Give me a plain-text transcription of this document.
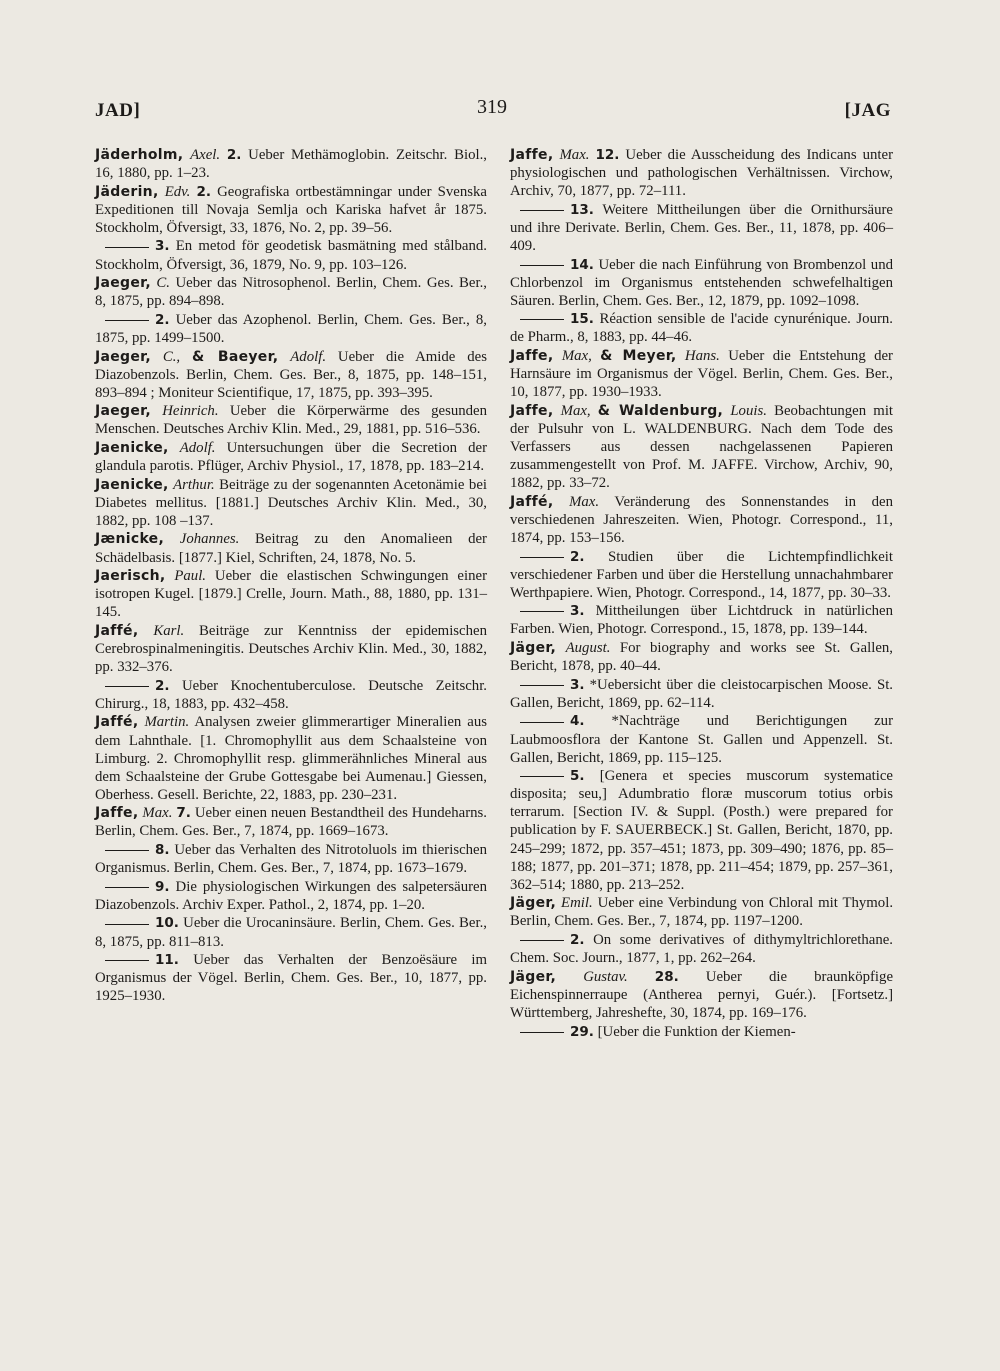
JAD]	319	[JAG

Jäderholm, Axel. 2. Ueber Methämoglobin. Zeitschr. Biol., 16, 1880, pp. 1–23.

Jäderin, Edv. 2. Geografiska ortbestämningar under Svenska Expeditionen till Novaja Semlja och Kariska hafvet år 1875. Stockholm, Öfversigt, 33, 1876, No. 2, pp. 39–56.

3. En metod för geodetisk basmätning med stålband. Stockholm, Öfversigt, 36, 1879, No. 9, pp. 103–126.

Jaeger, C. Ueber das Nitrosophenol. Berlin, Chem. Ges. Ber., 8, 1875, pp. 894–898.

2. Ueber das Azophenol. Berlin, Chem. Ges. Ber., 8, 1875, pp. 1499–1500.

Jaeger, C., & Baeyer, Adolf. Ueber die Amide des Diazobenzols. Berlin, Chem. Ges. Ber., 8, 1875, pp. 148–151, 893–894 ; Moniteur Scientifique, 17, 1875, pp. 393–395.

Jaeger, Heinrich. Ueber die Körperwärme des gesunden Menschen. Deutsches Archiv Klin. Med., 29, 1881, pp. 516–536.

Jaenicke, Adolf. Untersuchungen über die Secretion der glandula parotis. Pflüger, Archiv Physiol., 17, 1878, pp. 183–214.

Jaenicke, Arthur. Beiträge zu der sogenannten Acetonämie bei Diabetes mellitus. [1881.] Deutsches Archiv Klin. Med., 30, 1882, pp. 108 –137.

Jænicke, Johannes. Beitrag zu den Anomalieen der Schädelbasis. [1877.] Kiel, Schriften, 24, 1878, No. 5.

Jaerisch, Paul. Ueber die elastischen Schwingungen einer isotropen Kugel. [1879.] Crelle, Journ. Math., 88, 1880, pp. 131–145.

Jaffé, Karl. Beiträge zur Kenntniss der epidemischen Cerebrospinalmeningitis. Deutsches Archiv Klin. Med., 30, 1882, pp. 332–376.

2. Ueber Knochentuberculose. Deutsche Zeitschr. Chirurg., 18, 1883, pp. 432–458.

Jaffé, Martin. Analysen zweier glimmerartiger Mineralien aus dem Lahnthale. [1. Chromophyllit aus dem Schaalsteine von Limburg. 2. Chromophyllit resp. glimmerähnliches Mineral aus dem Schaalsteine der Grube Gottesgabe bei Aumenau.] Giessen, Oberhess. Gesell. Berichte, 22, 1883, pp. 230–231.

Jaffe, Max. 7. Ueber einen neuen Bestandtheil des Hundeharns. Berlin, Chem. Ges. Ber., 7, 1874, pp. 1669–1673.

8. Ueber das Verhalten des Nitrotoluols im thierischen Organismus. Berlin, Chem. Ges. Ber., 7, 1874, pp. 1673–1679.

9. Die physiologischen Wirkungen des salpetersäuren Diazobenzols. Archiv Exper. Pathol., 2, 1874, pp. 1–20.

10. Ueber die Urocaninsäure. Berlin, Chem. Ges. Ber., 8, 1875, pp. 811–813.

11. Ueber das Verhalten der Benzoësäure im Organismus der Vögel. Berlin, Chem. Ges. Ber., 10, 1877, pp. 1925–1930.

Jaffe, Max. 12. Ueber die Ausscheidung des Indicans unter physiologischen und pathologischen Verhältnissen. Virchow, Archiv, 70, 1877, pp. 72–111.

13. Weitere Mittheilungen über die Ornithursäure und ihre Derivate. Berlin, Chem. Ges. Ber., 11, 1878, pp. 406–409.

14. Ueber die nach Einführung von Brombenzol und Chlorbenzol im Organismus entstehenden schwefelhaltigen Säuren. Berlin, Chem. Ges. Ber., 12, 1879, pp. 1092–1098.

15. Réaction sensible de l'acide cynurénique. Journ. de Pharm., 8, 1883, pp. 44–46.

Jaffe, Max, & Meyer, Hans. Ueber die Entstehung der Harnsäure im Organismus der Vögel. Berlin, Chem. Ges. Ber., 10, 1877, pp. 1930–1933.

Jaffe, Max, & Waldenburg, Louis. Beobachtungen mit der Pulsuhr von L. WALDENBURG. Nach dem Tode des Verfassers aus dessen nachgelassenen Papieren zusammengestellt von Prof. M. JAFFE. Virchow, Archiv, 90, 1882, pp. 33–72.

Jaffé, Max. Veränderung des Sonnenstandes in den verschiedenen Jahreszeiten. Wien, Photogr. Correspond., 11, 1874, pp. 153–156.

2. Studien über die Lichtempfindlichkeit verschiedener Farben und über die Herstellung unnachahmbarer Werthpapiere. Wien, Photogr. Correspond., 14, 1877, pp. 30–33.

3. Mittheilungen über Lichtdruck in natürlichen Farben. Wien, Photogr. Correspond., 15, 1878, pp. 139–144.

Jäger, August. For biography and works see St. Gallen, Bericht, 1878, pp. 40–44.

3. *Uebersicht über die cleistocarpischen Moose. St. Gallen, Bericht, 1869, pp. 62–114.

4. *Nachträge und Berichtigungen zur Laubmoosflora der Kantone St. Gallen und Appenzell. St. Gallen, Bericht, 1869, pp. 115–125.

5. [Genera et species muscorum systematice disposita; seu,] Adumbratio floræ muscorum totius orbis terrarum. [Section IV. & Suppl. (Posth.) were prepared for publication by F. SAUERBECK.] St. Gallen, Bericht, 1870, pp. 245–299; 1872, pp. 357–451; 1873, pp. 309–490; 1876, pp. 85–188; 1877, pp. 201–371; 1878, pp. 211–454; 1879, pp. 257–361, 362–514; 1880, pp. 213–252.

Jäger, Emil. Ueber eine Verbindung von Chloral mit Thymol. Berlin, Chem. Ges. Ber., 7, 1874, pp. 1197–1200.

2. On some derivatives of dithymyltrichlorethane. Chem. Soc. Journ., 1877, 1, pp. 262–264.

Jäger, Gustav. 28. Ueber die braunköpfige Eichenspinnerraupe (Antherea pernyi, Guér.). [Fortsetz.] Württemberg, Jahreshefte, 30, 1874, pp. 169–176.

29. [Ueber die Funktion der Kiemen-
